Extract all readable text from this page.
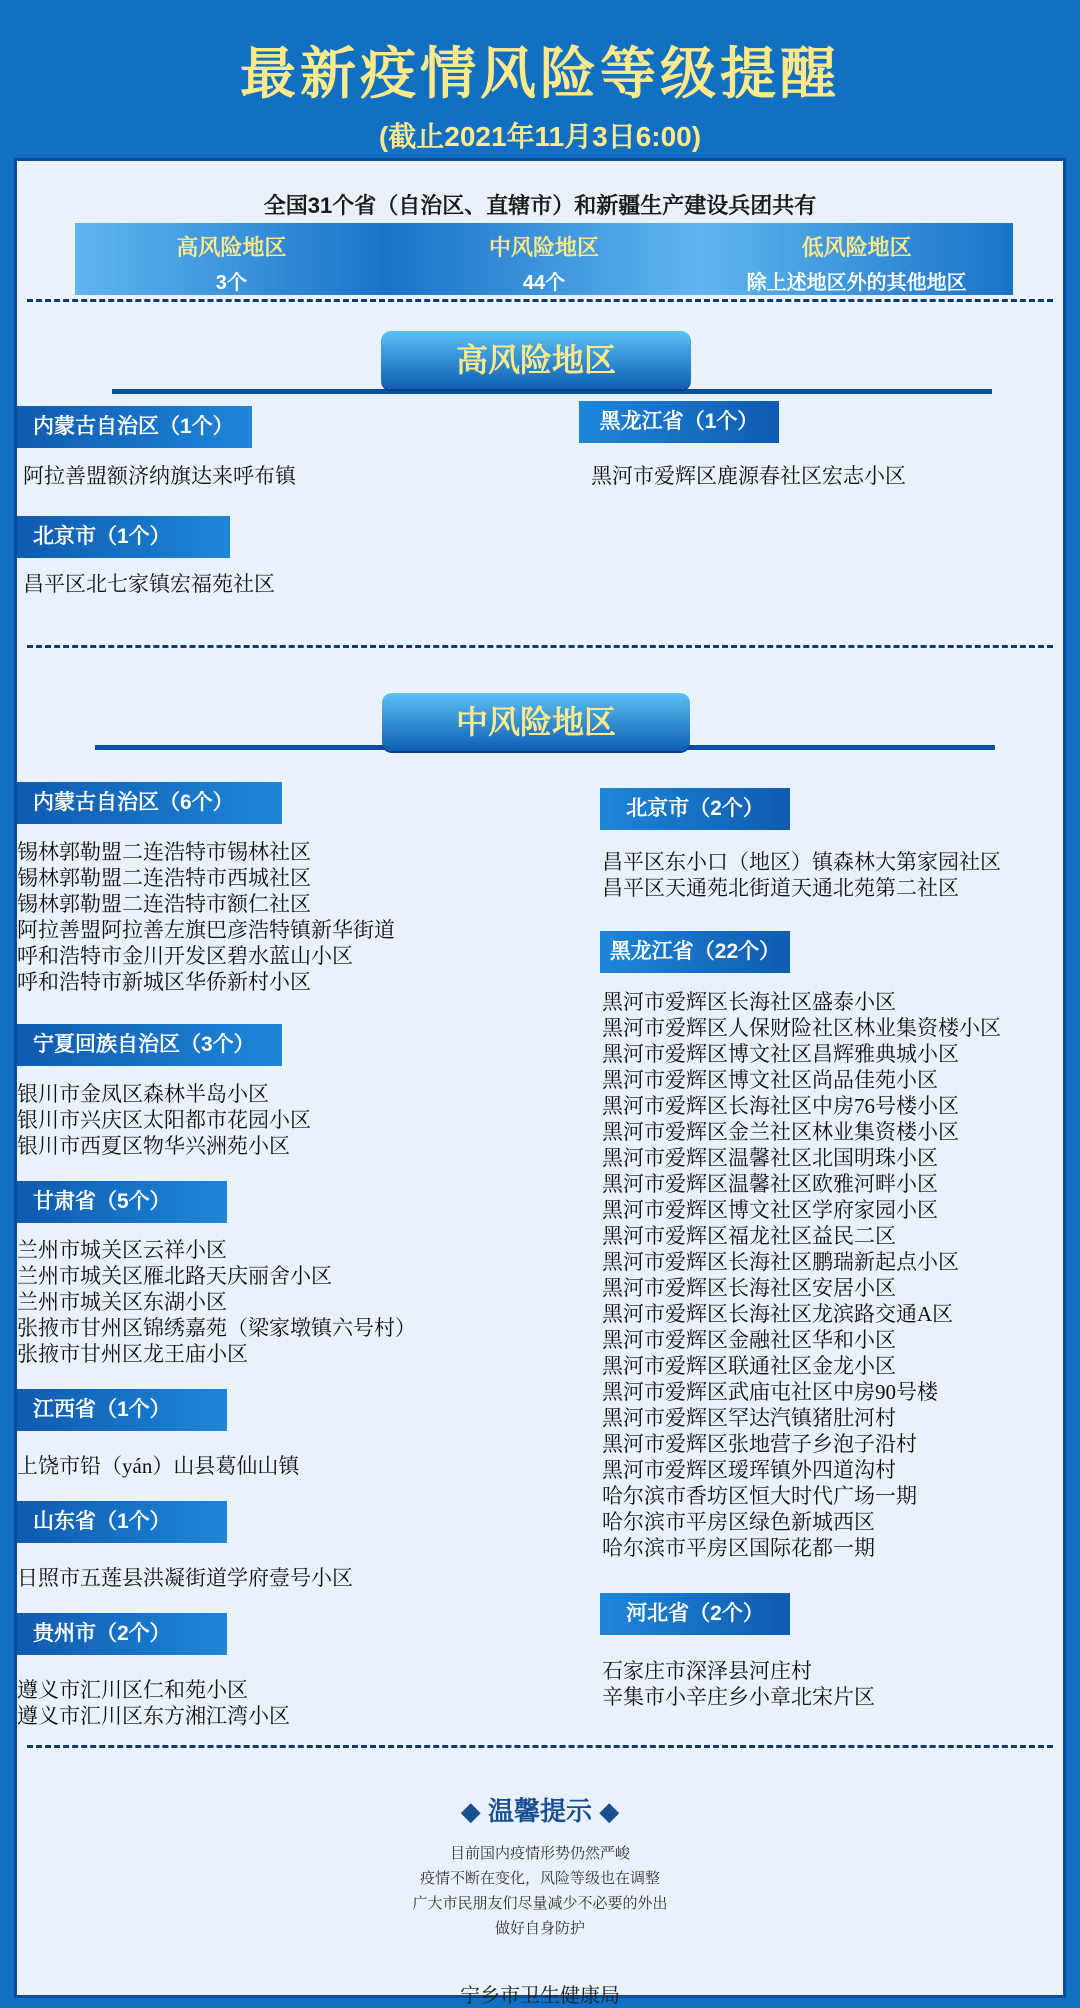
最新疫情风险等级提醒
(截止2021年11月3日6:00)
全国31个省（自治区、直辖市）和新疆生产建设兵团共有
高风险地区
3个
中风险地区
44个
低风险地区
除上述地区外的其他地区
高风险地区
内蒙古自治区（1个）
阿拉善盟额济纳旗达来呼布镇
北京市（1个）
昌平区北七家镇宏福苑社区
黑龙江省（1个）
黑河市爱辉区鹿源春社区宏志小区
中风险地区
内蒙古自治区（6个）
锡林郭勒盟二连浩特市锡林社区
锡林郭勒盟二连浩特市西城社区
锡林郭勒盟二连浩特市额仁社区
阿拉善盟阿拉善左旗巴彦浩特镇新华街道
呼和浩特市金川开发区碧水蓝山小区
呼和浩特市新城区华侨新村小区
宁夏回族自治区（3个）
银川市金凤区森林半岛小区
银川市兴庆区太阳都市花园小区
银川市西夏区物华兴洲苑小区
甘肃省（5个）
兰州市城关区云祥小区
兰州市城关区雁北路天庆丽舍小区
兰州市城关区东湖小区
张掖市甘州区锦绣嘉苑（梁家墩镇六号村）
张掖市甘州区龙王庙小区
江西省（1个）
上饶市铅（yán）山县葛仙山镇
山东省（1个）
日照市五莲县洪凝街道学府壹号小区
贵州市（2个）
遵义市汇川区仁和苑小区
遵义市汇川区东方湘江湾小区
北京市（2个）
昌平区东小口（地区）镇森林大第家园社区
昌平区天通苑北街道天通北苑第二社区
黑龙江省（22个）
黑河市爱辉区长海社区盛泰小区
黑河市爱辉区人保财险社区林业集资楼小区
黑河市爱辉区博文社区昌辉雅典城小区
黑河市爱辉区博文社区尚品佳苑小区
黑河市爱辉区长海社区中房76号楼小区
黑河市爱辉区金兰社区林业集资楼小区
黑河市爱辉区温馨社区北国明珠小区
黑河市爱辉区温馨社区欧雅河畔小区
黑河市爱辉区博文社区学府家园小区
黑河市爱辉区福龙社区益民二区
黑河市爱辉区长海社区鹏瑞新起点小区
黑河市爱辉区长海社区安居小区
黑河市爱辉区长海社区龙滨路交通A区
黑河市爱辉区金融社区华和小区
黑河市爱辉区联通社区金龙小区
黑河市爱辉区武庙屯社区中房90号楼
黑河市爱辉区罕达汽镇猪肚河村
黑河市爱辉区张地营子乡泡子沿村
黑河市爱辉区瑷珲镇外四道沟村
哈尔滨市香坊区恒大时代广场一期
哈尔滨市平房区绿色新城西区
哈尔滨市平房区国际花都一期
河北省（2个）
石家庄市深泽县河庄村
辛集市小辛庄乡小章北宋片区
◆ 温馨提示 ◆
目前国内疫情形势仍然严峻
疫情不断在变化，风险等级也在调整
广大市民朋友们尽量减少不必要的外出
做好自身防护
宁乡市卫生健康局
